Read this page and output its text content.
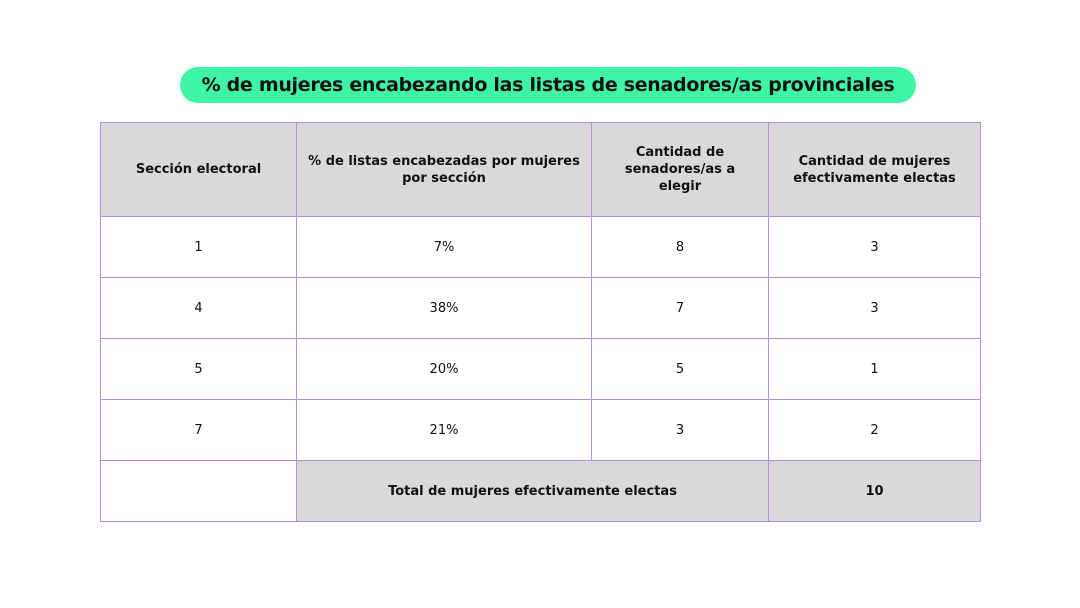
% de mujeres encabezando las listas de senadores/as provinciales
Sección electoral	% de listas encabezadas por mujeres por sección	Cantidad de senadores/as a elegir	Cantidad de mujeres efectivamente electas
1	7%	8	3
4	38%	7	3
5	20%	5	1
7	21%	3	2
	Total de mujeres efectivamente electas		10
